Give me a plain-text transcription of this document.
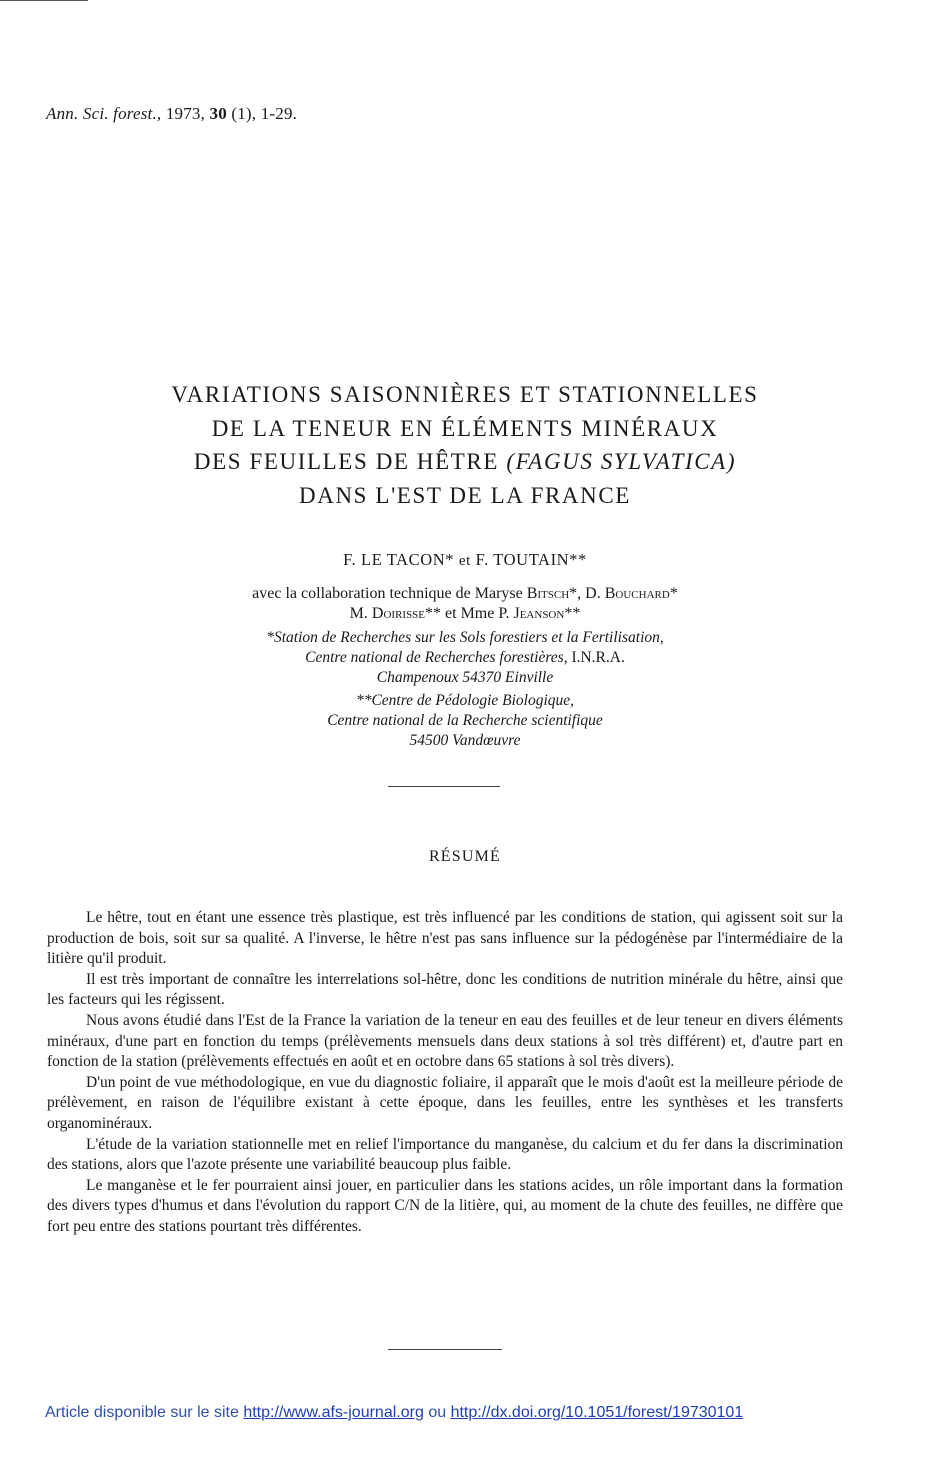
Ann. Sci. forest., 1973, 30 (1), 1-29.
VARIATIONS SAISONNIÈRES ET STATIONNELLES
DE LA TENEUR EN ÉLÉMENTS MINÉRAUX
DES FEUILLES DE HÊTRE (FAGUS SYLVATICA)
DANS L'EST DE LA FRANCE
F. LE TACON* et F. TOUTAIN**
avec la collaboration technique de Maryse Bitsch*, D. Bouchard*
M. Doirisse** et Mme P. Jeanson**
*Station de Recherches sur les Sols forestiers et la Fertilisation,
Centre national de Recherches forestières, I.N.R.A.
Champenoux 54370 Einville
**Centre de Pédologie Biologique,
Centre national de la Recherche scientifique
54500 Vandœuvre
RÉSUMÉ

Le hêtre, tout en étant une essence très plastique, est très influencé par les conditions de station, qui agissent soit sur la production de bois, soit sur sa qualité. A l'inverse, le hêtre n'est pas sans influence sur la pédogénèse par l'intermédiaire de la litière qu'il produit.

Il est très important de connaître les interrelations sol-hêtre, donc les conditions de nutrition minérale du hêtre, ainsi que les facteurs qui les régissent.

Nous avons étudié dans l'Est de la France la variation de la teneur en eau des feuilles et de leur teneur en divers éléments minéraux, d'une part en fonction du temps (prélèvements mensuels dans deux stations à sol très différent) et, d'autre part en fonction de la station (prélèvements effectués en août et en octobre dans 65 stations à sol très divers).

D'un point de vue méthodologique, en vue du diagnostic foliaire, il apparaît que le mois d'août est la meilleure période de prélèvement, en raison de l'équilibre existant à cette époque, dans les feuilles, entre les synthèses et les transferts organominéraux.

L'étude de la variation stationnelle met en relief l'importance du manganèse, du calcium et du fer dans la discrimination des stations, alors que l'azote présente une variabilité beaucoup plus faible.

Le manganèse et le fer pourraient ainsi jouer, en particulier dans les stations acides, un rôle important dans la formation des divers types d'humus et dans l'évolution du rapport C/N de la litière, qui, au moment de la chute des feuilles, ne diffère que fort peu entre des stations pourtant très différentes.

Article disponible sur le site http://www.afs-journal.org ou http://dx.doi.org/10.1051/forest/19730101
